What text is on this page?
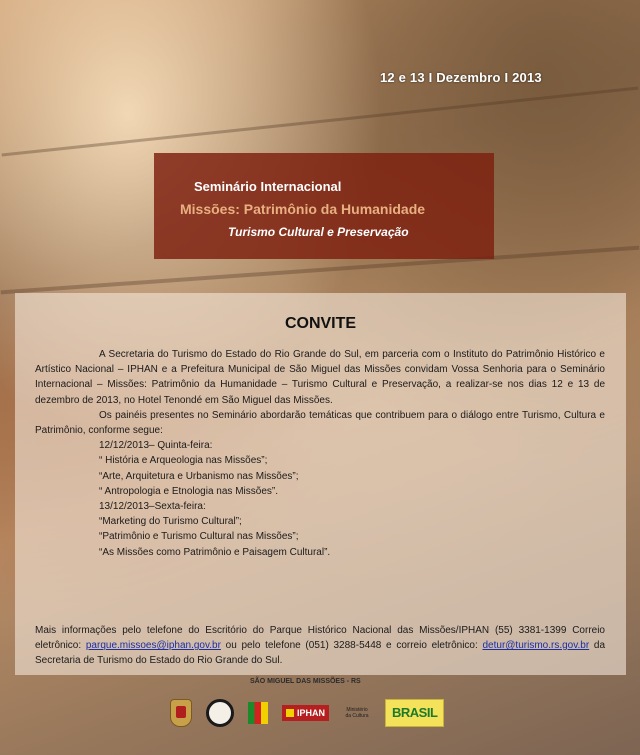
12 e 13 I Dezembro I 2013
Seminário Internacional
Missões: Patrimônio da Humanidade
Turismo Cultural e Preservação
CONVITE

A Secretaria do Turismo do Estado do Rio Grande do Sul, em parceria com o Instituto do Patrimônio Histórico e Artístico Nacional – IPHAN e a Prefeitura Municipal de São Miguel das Missões convidam Vossa Senhoria para o Seminário Internacional – Missões: Patrimônio da Humanidade – Turismo Cultural e Preservação, a realizar-se nos dias 12 e 13 de dezembro de 2013, no Hotel Tenondé em São Miguel das Missões.

Os painéis presentes no Seminário abordarão temáticas que contribuem para o diálogo entre Turismo, Cultura e Patrimônio, conforme segue:

12/12/2013– Quinta-feira:

“ História e Arqueologia nas Missões”;

“Arte, Arquitetura e Urbanismo nas Missões”;

“ Antropologia e Etnologia nas Missões”.

13/12/2013–Sexta-feira:

“Marketing do Turismo Cultural”;

“Patrimônio e Turismo Cultural nas Missões”;

“As Missões como Patrimônio e Paisagem Cultural”.

Mais informações pelo telefone do Escritório do Parque Histórico Nacional das Missões/IPHAN (55) 3381-1399 Correio eletrônico: parque.missoes@iphan.gov.br ou pelo telefone (051) 3288-5448 e correio eletrônico: detur@turismo.rs.gov.br da Secretaria de Turismo do Estado do Rio Grande do Sul.
SÃO MIGUEL DAS MISSÕES - RS
IPHAN	Ministério da Cultura	BRASIL
